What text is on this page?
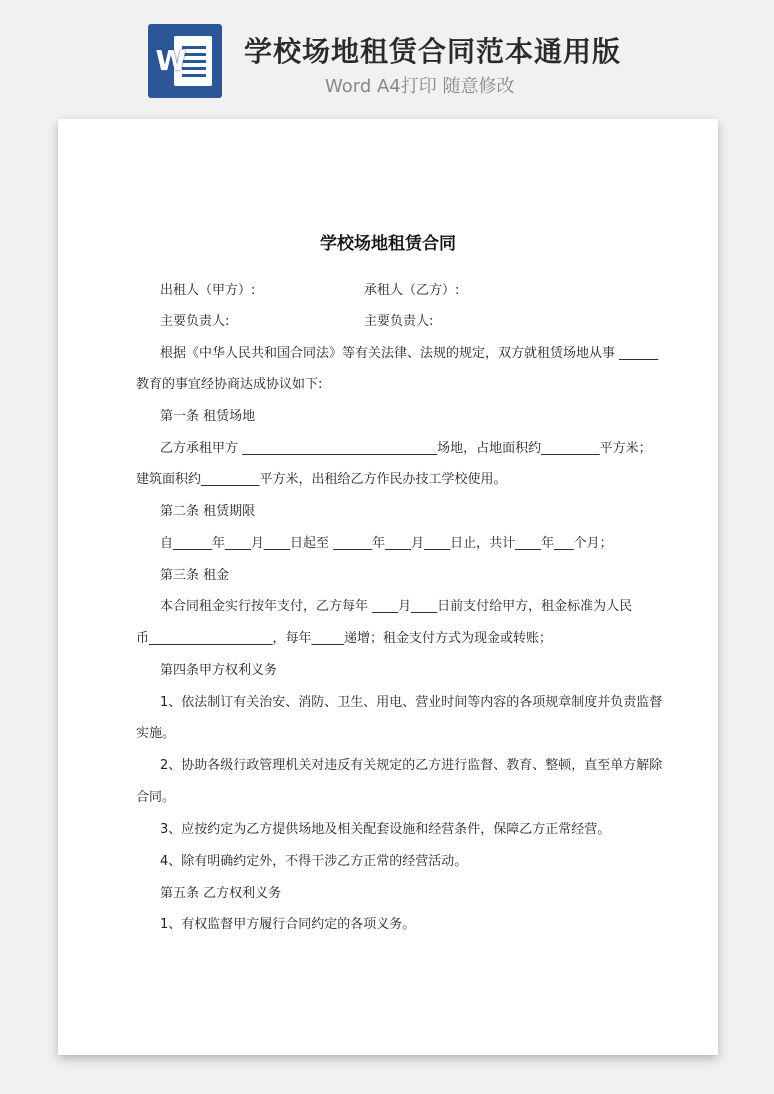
W 学校场地租赁合同范本通用版
Word A4打印 随意修改
学校场地租赁合同
出租人（甲方）:	承租人（乙方）:
主要负责人:	主要负责人:
根据《中华人民共和国合同法》等有关法律、法规的规定，双方就租赁场地从事 ______
教育的事宜经协商达成协议如下:
第一条 租赁场地
乙方承租甲方 ______________________________场地，占地面积约_________平方米；
建筑面积约_________平方米，出租给乙方作民办技工学校使用。
第二条 租赁期限
自______年____月____日起至 ______年____月____日止，共计____年___个月；
第三条 租金
本合同租金实行按年支付，乙方每年 ____月____日前支付给甲方，租金标准为人民
币___________________，每年_____递增；租金支付方式为现金或转账；
第四条甲方权利义务
1、依法制订有关治安、消防、卫生、用电、营业时间等内容的各项规章制度并负责监督
实施。
2、协助各级行政管理机关对违反有关规定的乙方进行监督、教育、整顿，直至单方解除
合同。
3、应按约定为乙方提供场地及相关配套设施和经营条件，保障乙方正常经营。
4、除有明确约定外，不得干涉乙方正常的经营活动。
第五条 乙方权利义务
1、有权监督甲方履行合同约定的各项义务。
